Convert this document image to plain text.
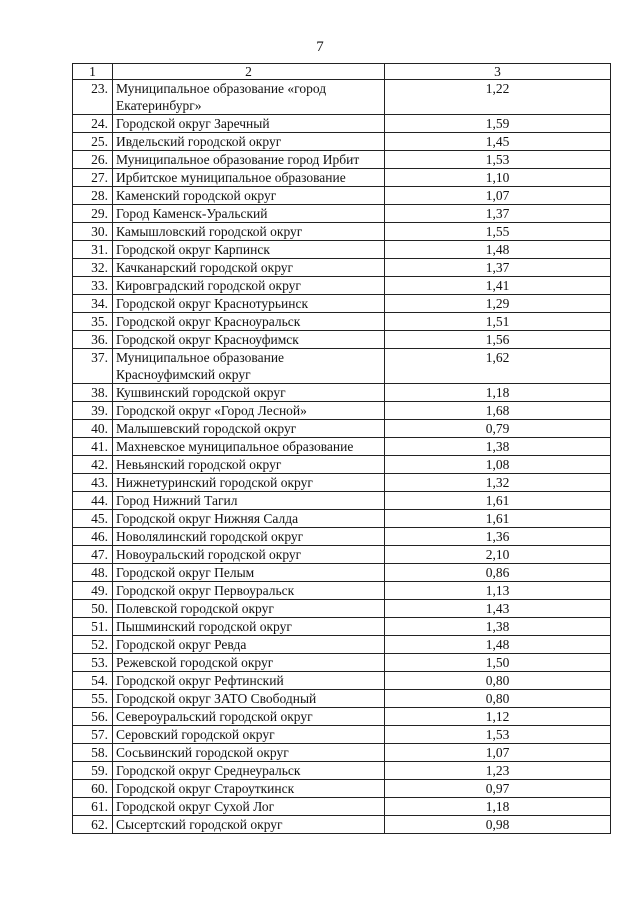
7
1	2	3
23.	Муниципальное образование «город Екатеринбург»	1,22
24.	Городской округ Заречный	1,59
25.	Ивдельский городской округ	1,45
26.	Муниципальное образование город Ирбит	1,53
27.	Ирбитское муниципальное образование	1,10
28.	Каменский городской округ	1,07
29.	Город Каменск-Уральский	1,37
30.	Камышловский городской округ	1,55
31.	Городской округ Карпинск	1,48
32.	Качканарский городской округ	1,37
33.	Кировградский городской округ	1,41
34.	Городской округ Краснотурьинск	1,29
35.	Городской округ Красноуральск	1,51
36.	Городской округ Красноуфимск	1,56
37.	Муниципальное образование Красноуфимский округ	1,62
38.	Кушвинский городской округ	1,18
39.	Городской округ «Город Лесной»	1,68
40.	Малышевский городской округ	0,79
41.	Махневское муниципальное образование	1,38
42.	Невьянский городской округ	1,08
43.	Нижнетуринский городской округ	1,32
44.	Город Нижний Тагил	1,61
45.	Городской округ Нижняя Салда	1,61
46.	Новолялинский городской округ	1,36
47.	Новоуральский городской округ	2,10
48.	Городской округ Пелым	0,86
49.	Городской округ Первоуральск	1,13
50.	Полевской городской округ	1,43
51.	Пышминский городской округ	1,38
52.	Городской округ Ревда	1,48
53.	Режевской городской округ	1,50
54.	Городской округ Рефтинский	0,80
55.	Городской округ ЗАТО Свободный	0,80
56.	Североуральский городской округ	1,12
57.	Серовский городской округ	1,53
58.	Сосьвинский городской округ	1,07
59.	Городской округ Среднеуральск	1,23
60.	Городской округ Староуткинск	0,97
61.	Городской округ Сухой Лог	1,18
62.	Сысертский городской округ	0,98
